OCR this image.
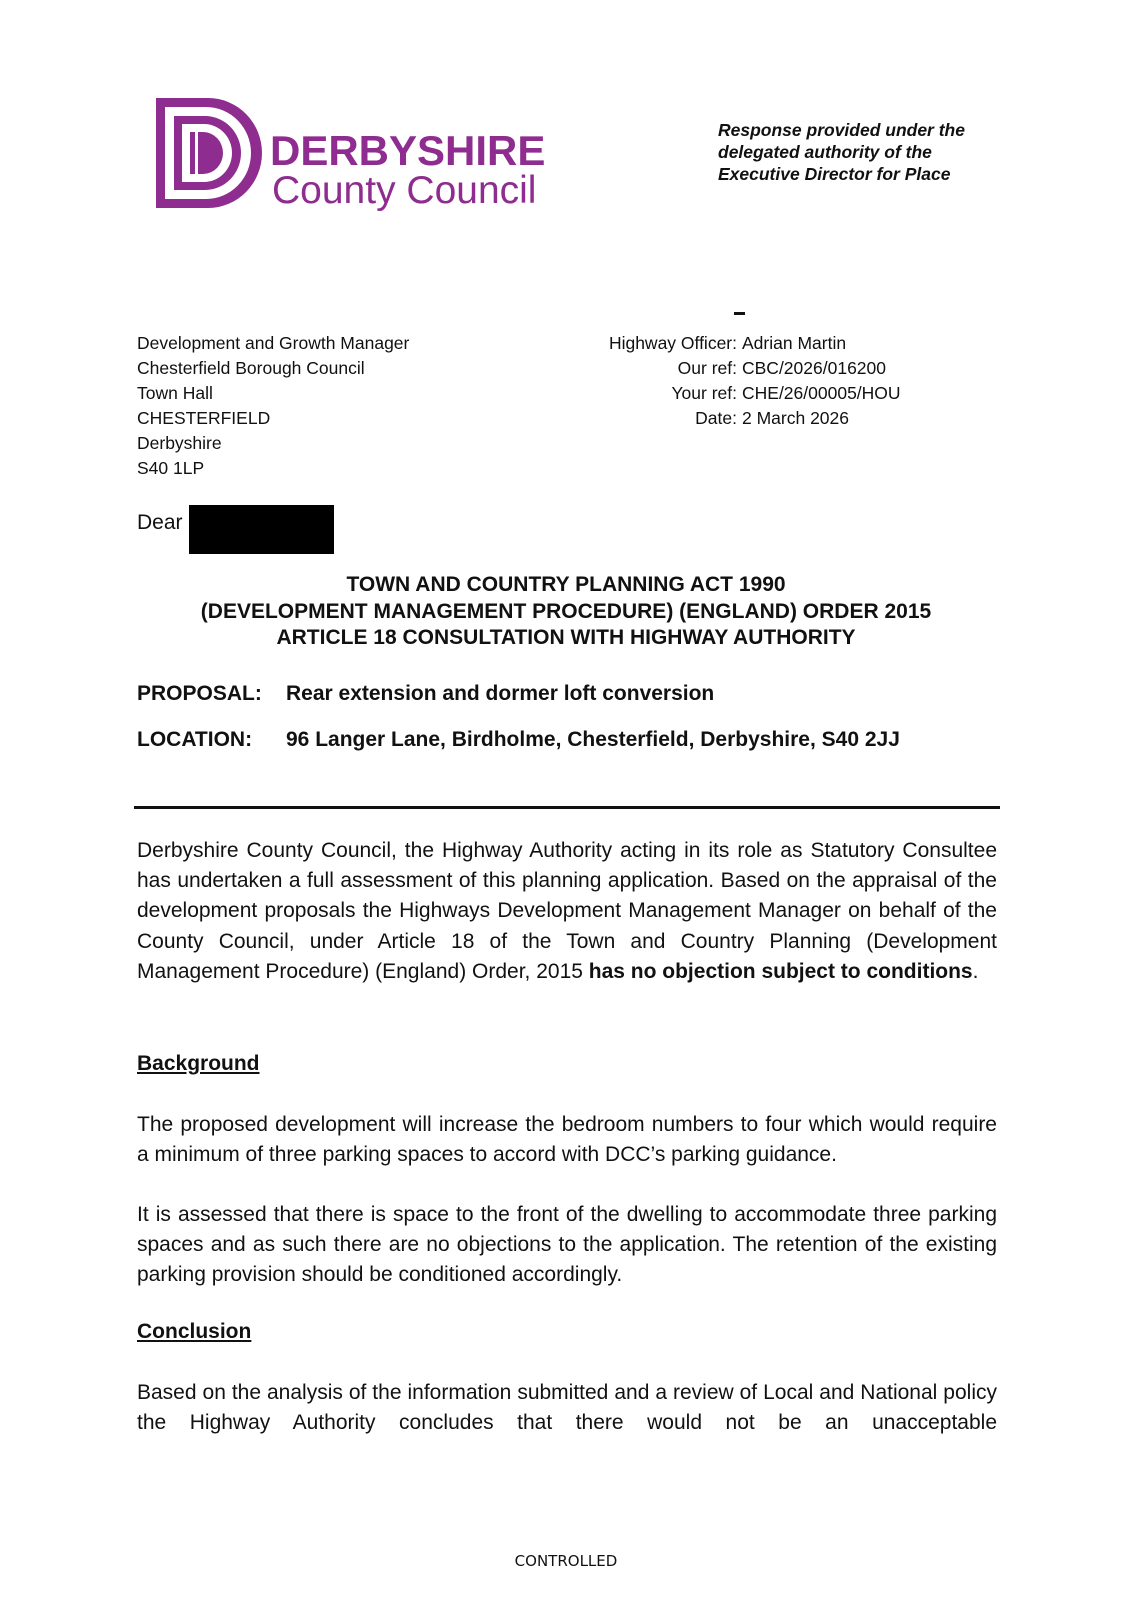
DERBYSHIRE
County Council
Response provided under the delegated authority of the Executive Director for Place
Development and Growth Manager
Chesterfield Borough Council
Town Hall
CHESTERFIELD
Derbyshire
S40 1LP
Highway Officer: Adrian Martin
Our ref: CBC/2026/016200
Your ref: CHE/26/00005/HOU
Date: 2 March 2026
Dear
TOWN AND COUNTRY PLANNING ACT 1990
(DEVELOPMENT MANAGEMENT PROCEDURE) (ENGLAND) ORDER 2015
ARTICLE 18 CONSULTATION WITH HIGHWAY AUTHORITY
PROPOSAL: Rear extension and dormer loft conversion
LOCATION: 96 Langer Lane, Birdholme, Chesterfield, Derbyshire, S40 2JJ
Derbyshire County Council, the Highway Authority acting in its role as Statutory Consultee has undertaken a full assessment of this planning application. Based on the appraisal of the development proposals the Highways Development Management Manager on behalf of the County Council, under Article 18 of the Town and Country Planning (Development Management Procedure) (England) Order, 2015 has no objection subject to conditions.
Background
The proposed development will increase the bedroom numbers to four which would require a minimum of three parking spaces to accord with DCC’s parking guidance.
It is assessed that there is space to the front of the dwelling to accommodate three parking spaces and as such there are no objections to the application. The retention of the existing parking provision should be conditioned accordingly.
Conclusion
Based on the analysis of the information submitted and a review of Local and National policy the Highway Authority concludes that there would not be an unacceptable
CONTROLLED
